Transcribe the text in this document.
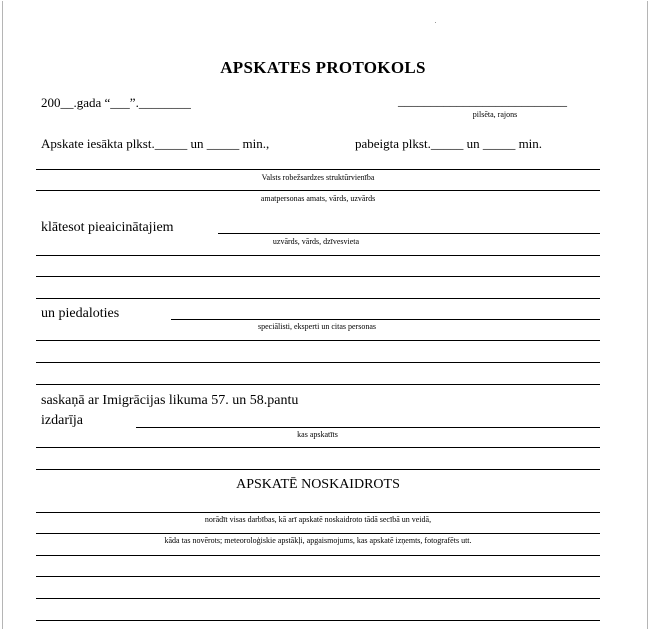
APSKATES PROTOKOLS
200__.gada “___”.________	__________________________
pilsēta, rajons
Apskate iesākta plkst._____ un _____ min.,	pabeigta plkst._____ un _____ min.
Valsts robežsardzes struktūrvienība
amatpersonas amats, vārds, uzvārds
klātesot pieaicinātajiem
uzvārds, vārds, dzīvesvieta
un piedaloties
speciālisti, eksperti un citas personas
saskaņā ar Imigrācijas likuma 57. un 58.pantu
izdarīja
kas apskatīts
APSKATĒ NOSKAIDROTS
norādīt visas darbības, kā arī apskatē noskaidroto tādā secībā un veidā,
kāda tas novērots; meteoroloģiskie apstākļi, apgaismojums, kas apskatē izņemts, fotografēts utt.
